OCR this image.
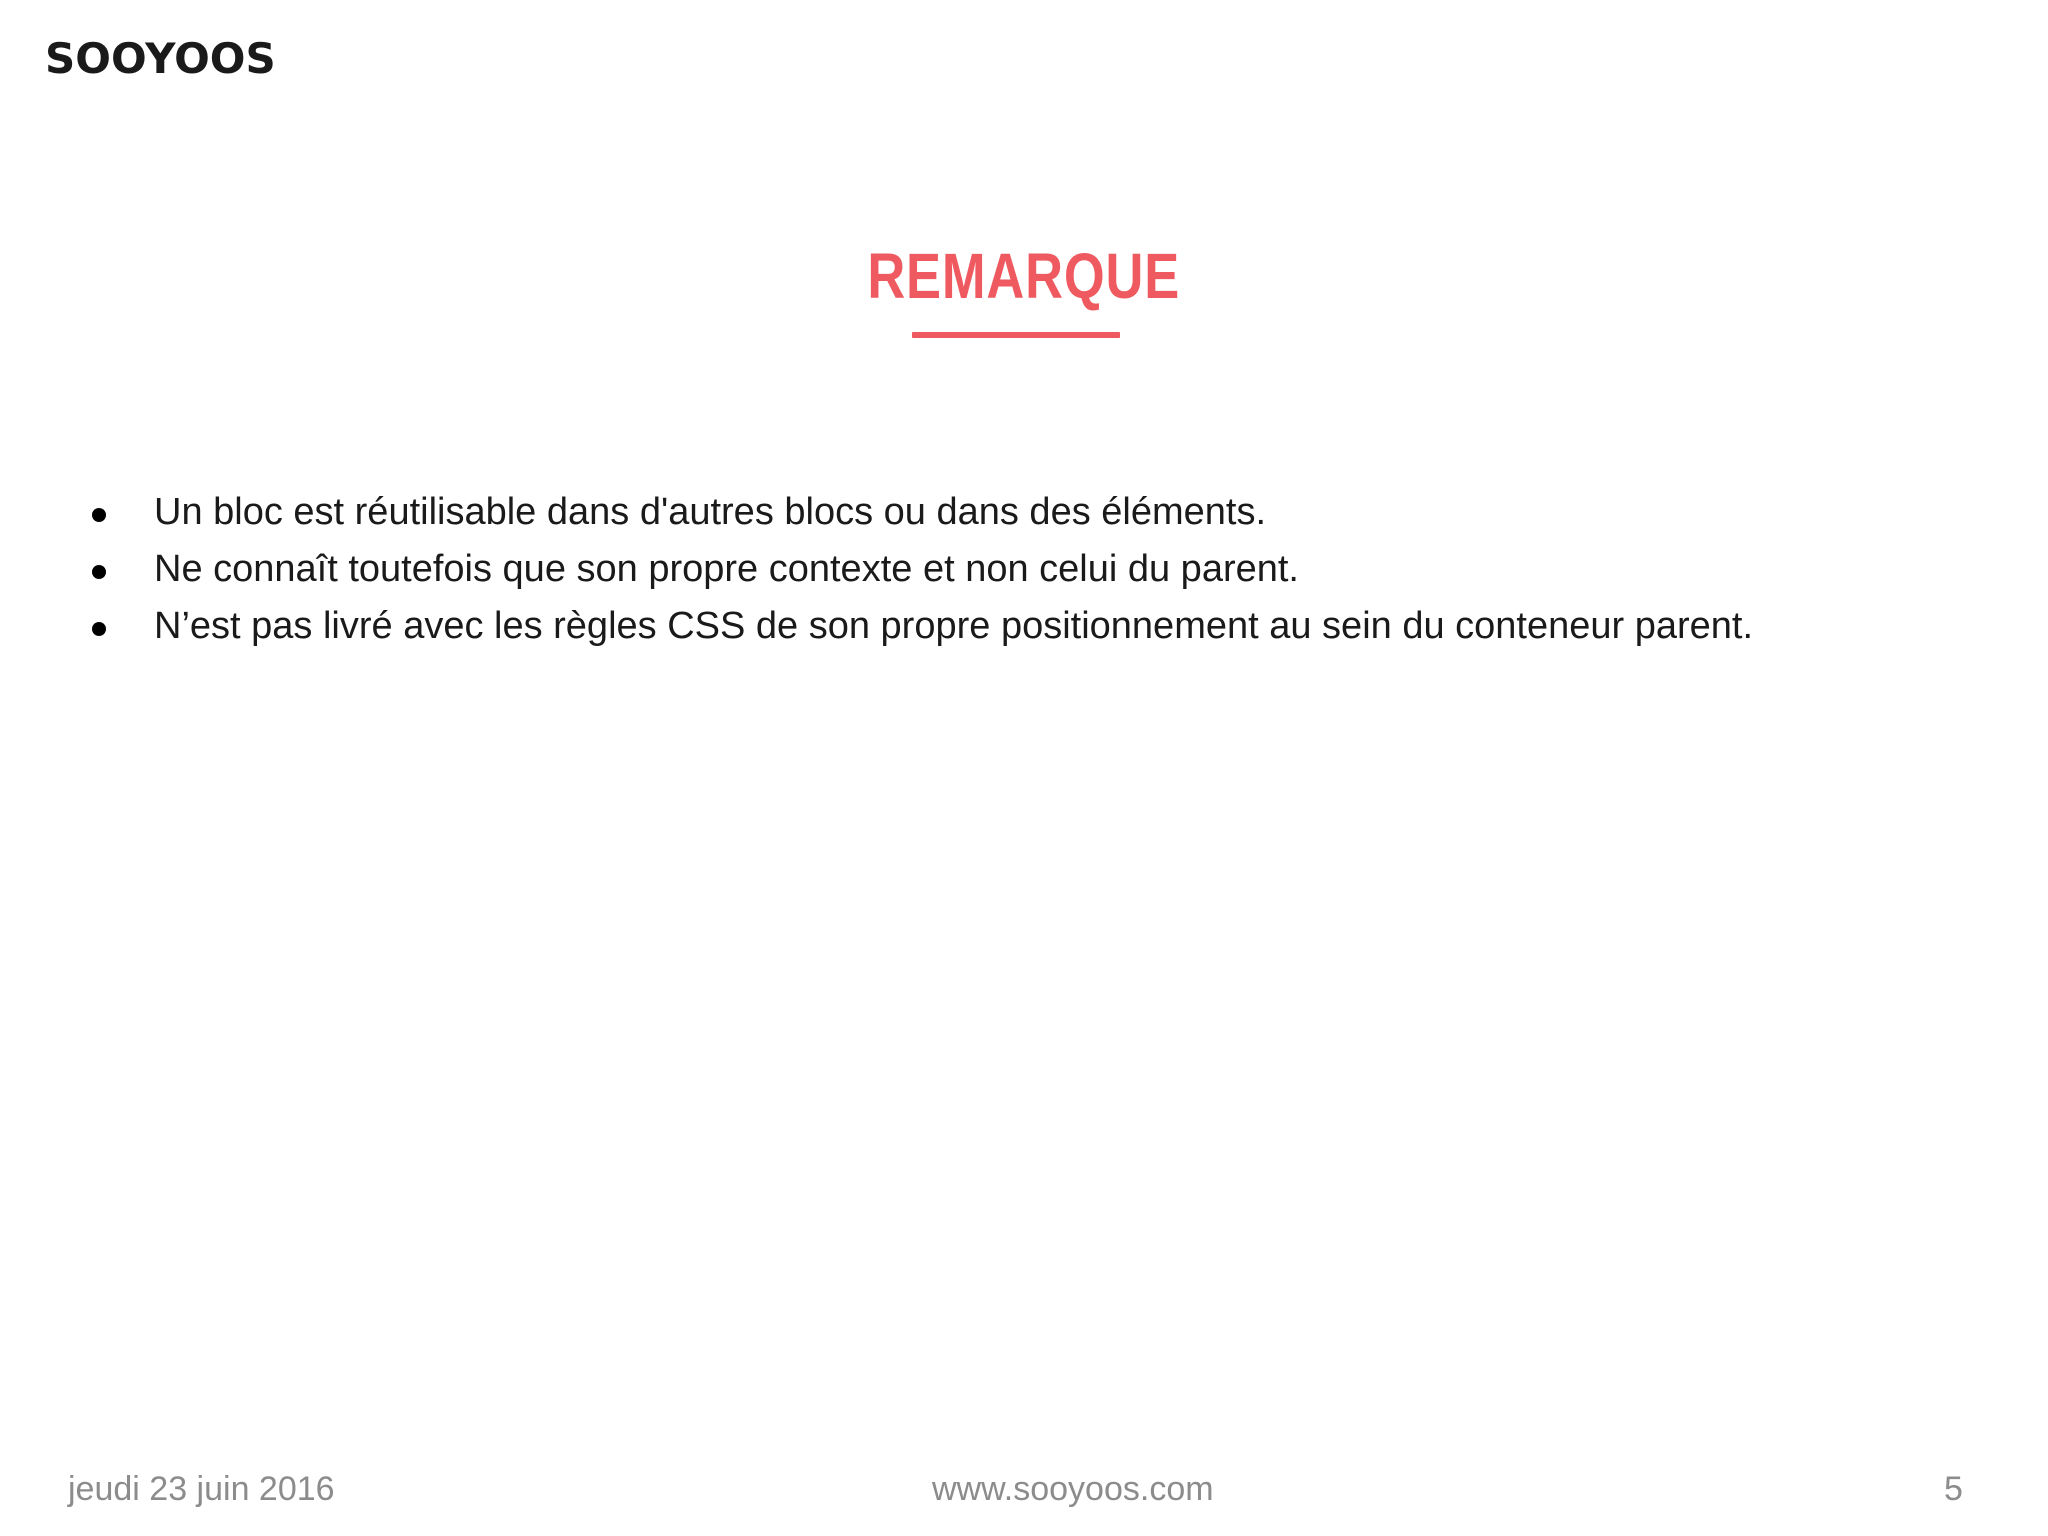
SOOYOOS
REMARQUE
Un bloc est réutilisable dans d'autres blocs ou dans des éléments.
Ne connaît toutefois que son propre contexte et non celui du parent.
N’est pas livré avec les règles CSS de son propre positionnement au sein du conteneur parent.
jeudi 23 juin 2016	www.sooyoos.com	5
